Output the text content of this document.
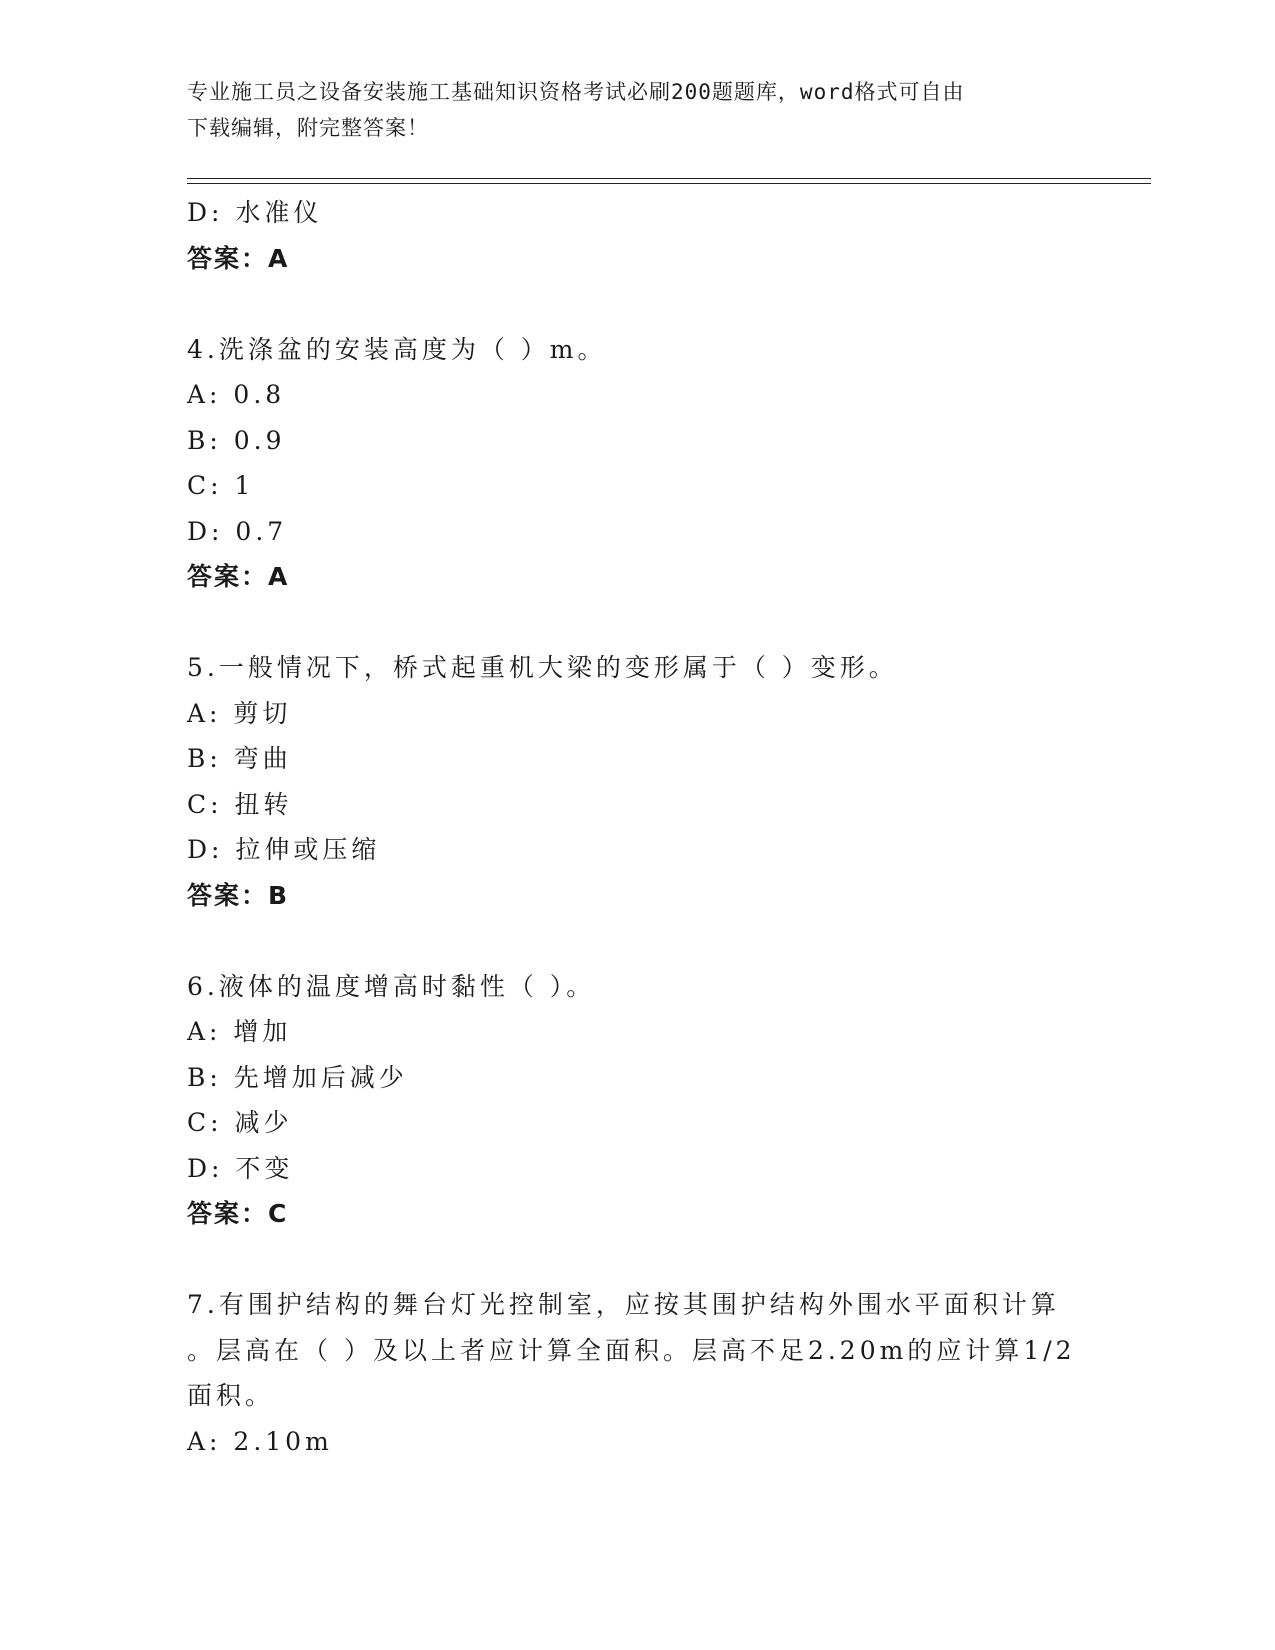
专业施工员之设备安装施工基础知识资格考试必刷200题题库，word格式可自由
下载编辑，附完整答案！
D: 水准仪
答案：A
4.洗涤盆的安装高度为（ ）m。
A: 0.8
B: 0.9
C: 1
D: 0.7
答案：A
5.一般情况下，桥式起重机大梁的变形属于（ ）变形。
A: 剪切
B: 弯曲
C: 扭转
D: 拉伸或压缩
答案：B
6.液体的温度增高时黏性（ ）。
A: 增加
B: 先增加后减少
C: 减少
D: 不变
答案：C
7.有围护结构的舞台灯光控制室，应按其围护结构外围水平面积计算
。层高在（ ）及以上者应计算全面积。层高不足2.20m的应计算1/2
面积。
A: 2.10m
